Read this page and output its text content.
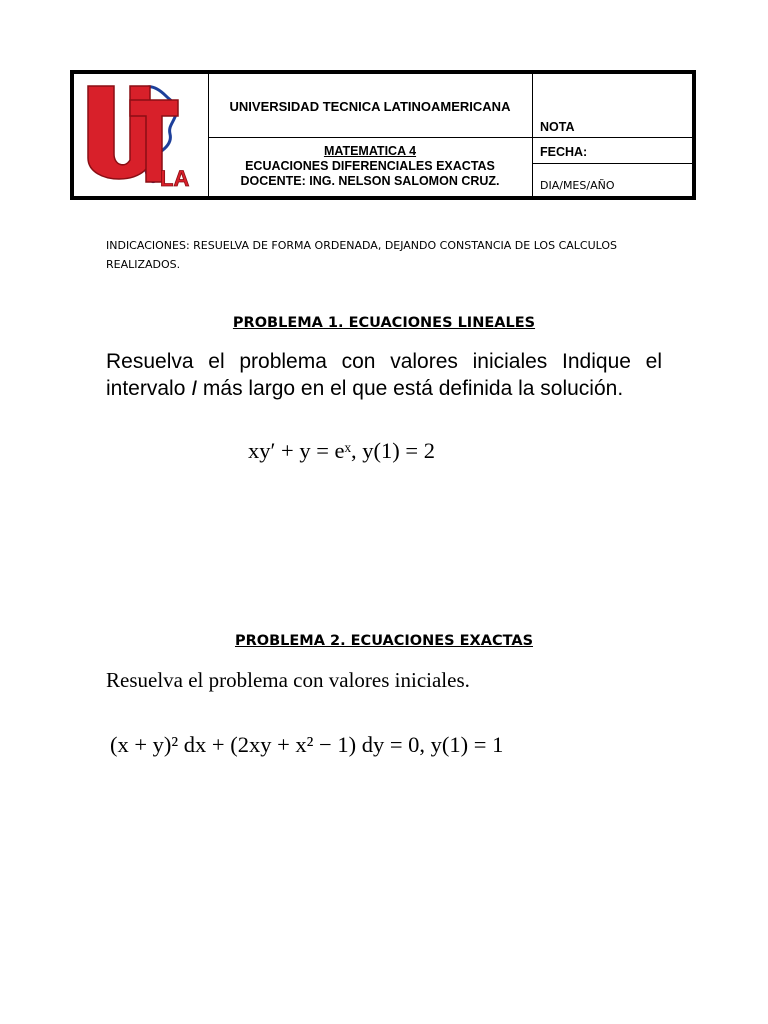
LA
UNIVERSIDAD TECNICA LATINOAMERICANA
MATEMATICA 4
ECUACIONES DIFERENCIALES EXACTAS
DOCENTE: ING. NELSON SALOMON CRUZ.
NOTA
FECHA:
DIA/MES/AÑO
INDICACIONES: RESUELVA DE FORMA ORDENADA, DEJANDO CONSTANCIA DE LOS CALCULOS REALIZADOS.
PROBLEMA 1. ECUACIONES LINEALES
Resuelva el problema con valores iniciales Indique el intervalo I más largo en el que está definida la solución.
xy′ + y = eˣ, y(1) = 2
PROBLEMA 2. ECUACIONES EXACTAS
Resuelva el problema con valores iniciales.
(x + y)² dx + (2xy + x² − 1) dy = 0, y(1) = 1
